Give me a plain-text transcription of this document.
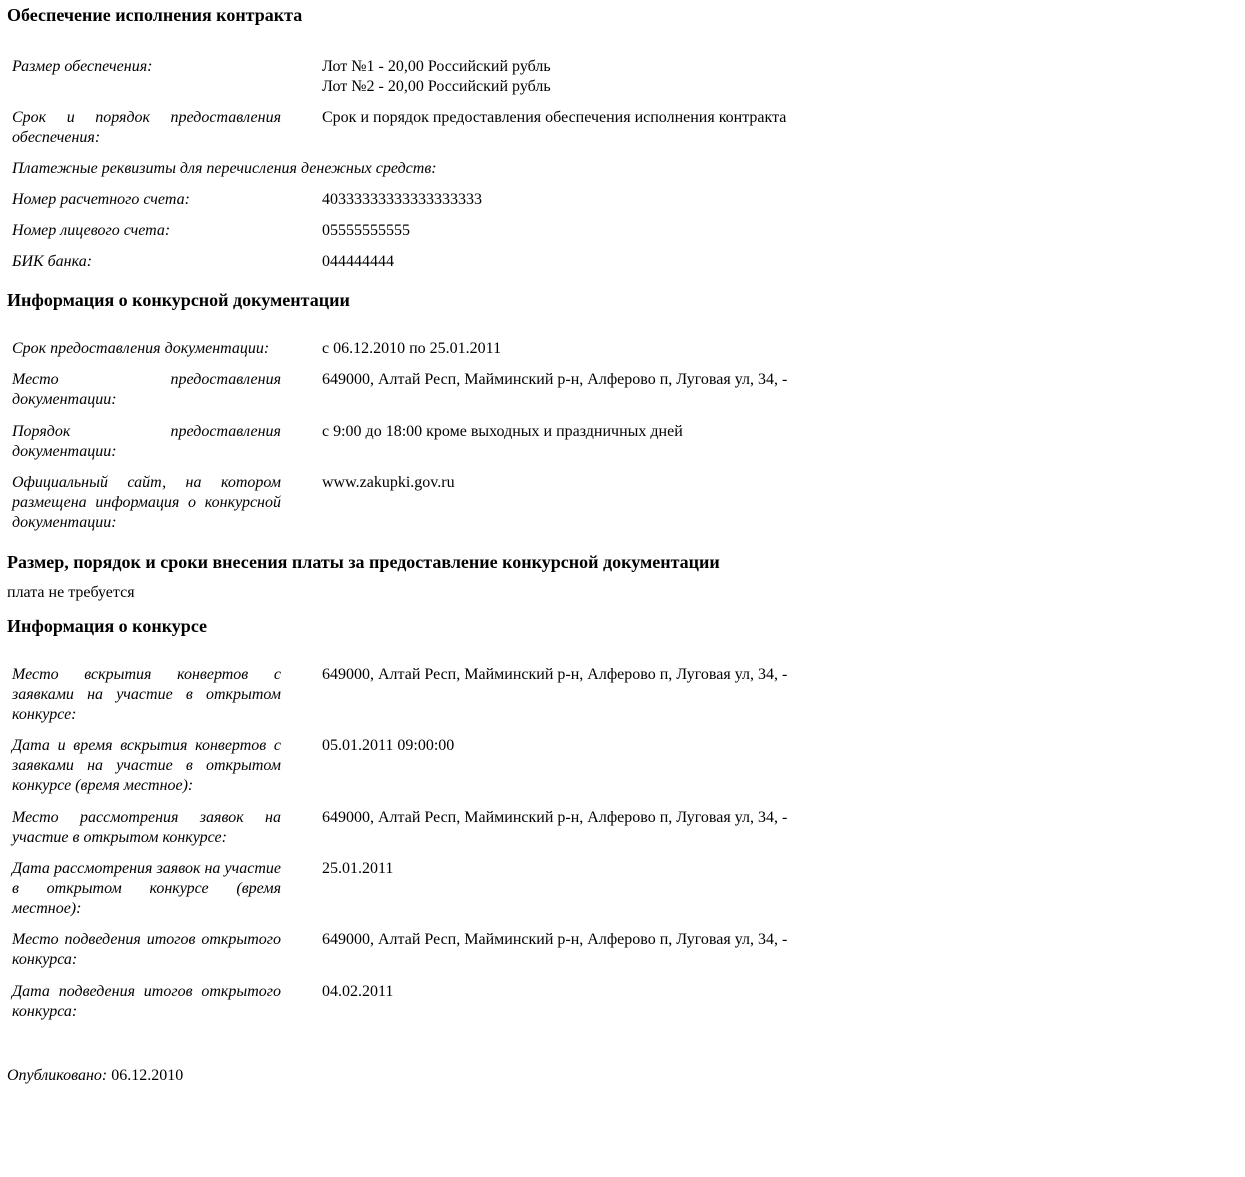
Обеспечение исполнения контракта
Размер обеспечения:		Лот №1 - 20,00 Российский рубль
Лот №2 - 20,00 Российский рубль

Срок и порядок предоставления обеспечения:		Срок и порядок предоставления обеспечения исполнения контракта

Платежные реквизиты для перечисления денежных средств:		

Номер расчетного счета:		40333333333333333333

Номер лицевого счета:		05555555555

БИК банка:		044444444
Информация о конкурсной документации
Срок предоставления документации:		с 06.12.2010 по 25.01.2011

Место предоставления документации:		649000, Алтай Респ, Майминский р-н, Алферово п, Луговая ул, 34, -

Порядок предоставления документации:		с 9:00 до 18:00 кроме выходных и праздничных дней

Официальный сайт, на котором размещена информация о конкурсной документации:		www.zakupki.gov.ru
Размер, порядок и сроки внесения платы за предоставление конкурсной документации

плата не требуется

Информация о конкурсе
Место вскрытия конвертов с заявками на участие в открытом конкурсе:		649000, Алтай Респ, Майминский р-н, Алферово п, Луговая ул, 34, -

Дата и время вскрытия конвертов с заявками на участие в открытом конкурсе (время местное):		05.01.2011 09:00:00

Место рассмотрения заявок на участие в открытом конкурсе:		649000, Алтай Респ, Майминский р-н, Алферово п, Луговая ул, 34, -

Дата рассмотрения заявок на участие в открытом конкурсе (время местное):		25.01.2011

Место подведения итогов открытого конкурса:		649000, Алтай Респ, Майминский р-н, Алферово п, Луговая ул, 34, -

Дата подведения итогов открытого конкурса:		04.02.2011
Опубликовано: 06.12.2010
